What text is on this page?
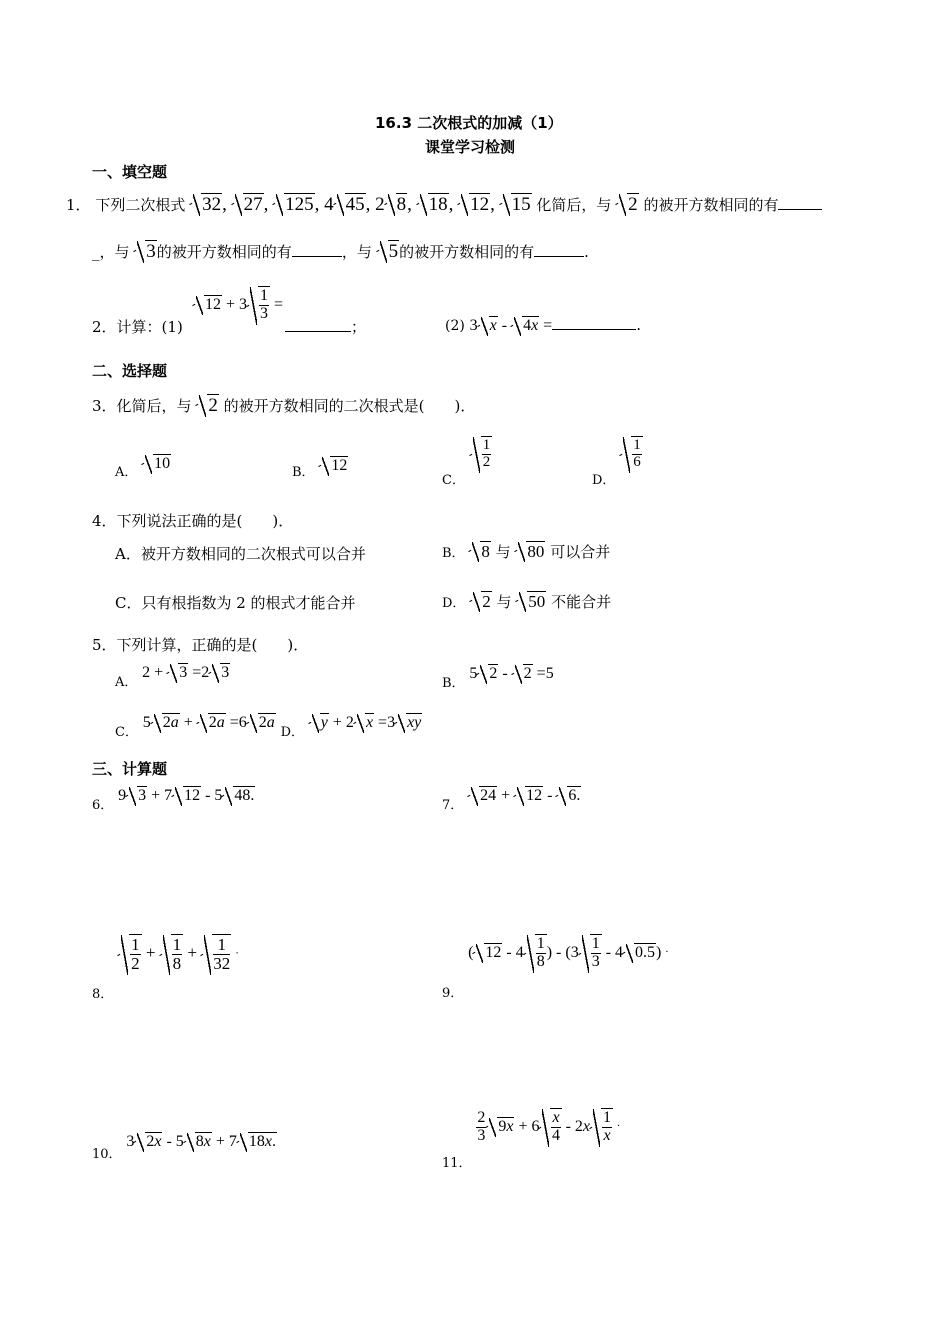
16.3 二次根式的加减（1）
课堂学习检测
一、填空题
1． 下列二次根式 32, 27, 125, 4 45, 2 8, 18, 12, 15 化简后，与 2 的被开方数相同的有
_，与 3的被开方数相同的有	，与 5的被开方数相同的有	.
2．计算：(1)
$12 + 3 \frac{1}{3}$ =
；	(2) 3 x - 4x =	.
二、选择题
3．化简后，与 2 的被开方数相同的二次根式是(　　)．
A． 10
B． 12
C．
$\frac{1}{2}$
D．
$\frac{1}{6}$
4．下列说法正确的是(　　)．
A．被开方数相同的二次根式可以合并	B． 8 与 80 可以合并
C．只有根指数为 2 的根式才能合并	D． 2 与 50 不能合并
5．下列计算，正确的是(　　)．
A． 2 + 3 =2 3
B． 5 2 - 2 =5
C． 5 2a + 2a =6 2a D． y + 2 x =3 xy
三、计算题
6． 9 3 + 7 12 - 5 48.
7． 24 + 12 - 6.
8．
$\frac{1}{2} + \frac{1}{8} + \frac{1}{32}$ ·
9． ( $12 - 4 \frac{1}{8}$ ) - ($3 \frac{1}{3} - 4$ 0.5) ·
10． 3 2x - 5 8x + 7 18x.
11．
$\frac{2}{3} 9x + 6 \frac{x}{4} - 2x \frac{1}{x}$ ·
